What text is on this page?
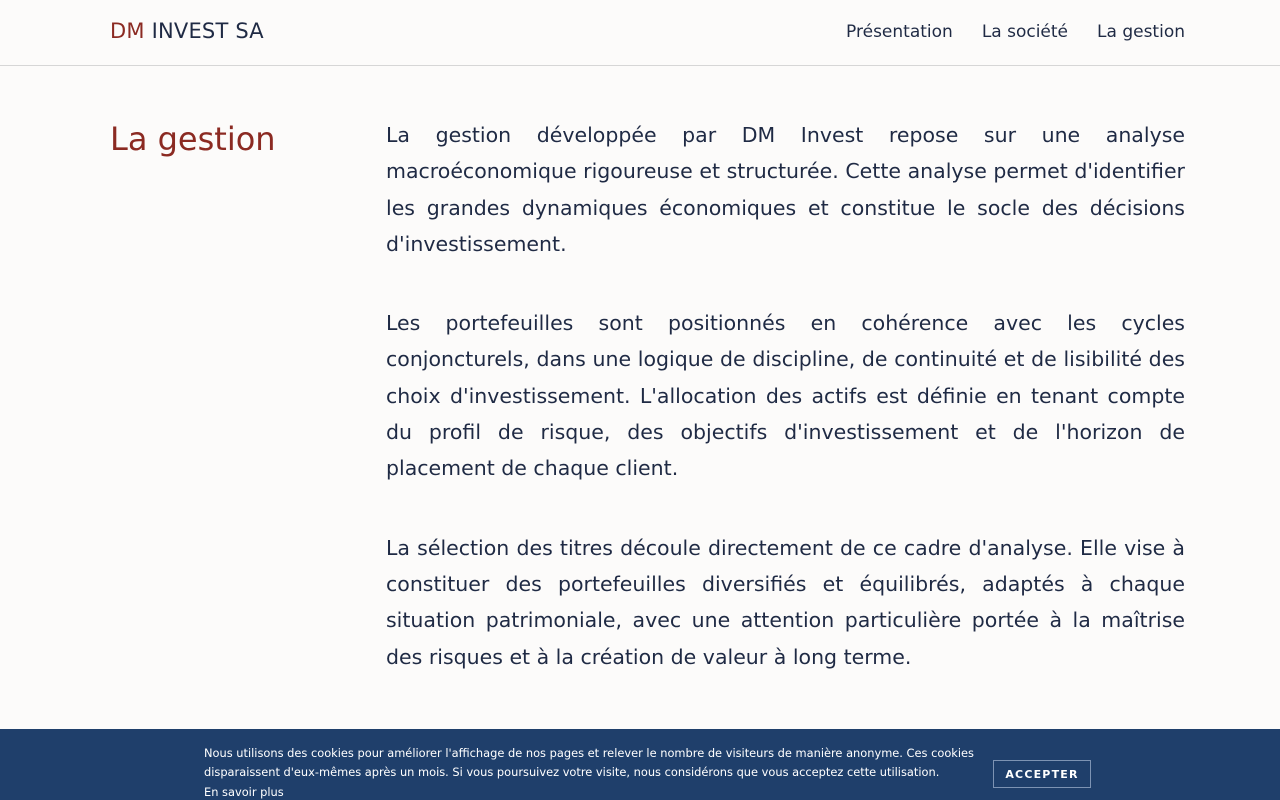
DM INVEST SA	Présentation La société La gestion
La gestion	La gestion développée par DM Invest repose sur une analyse macroéconomique rigoureuse et structurée. Cette analyse permet d'identifier les grandes dynamiques économiques et constitue le socle des décisions d'investissement.

Les portefeuilles sont positionnés en cohérence avec les cycles conjoncturels, dans une logique de discipline, de continuité et de lisibilité des choix d'investissement. L'allocation des actifs est définie en tenant compte du profil de risque, des objectifs d'investissement et de l'horizon de placement de chaque client.

La sélection des titres découle directement de ce cadre d'analyse. Elle vise à constituer des portefeuilles diversifiés et équilibrés, adaptés à chaque situation patrimoniale, avec une attention particulière portée à la maîtrise des risques et à la création de valeur à long terme.

Nous utilisons des cookies pour améliorer l'affichage de nos pages et relever le nombre de visiteurs de manière anonyme. Ces cookies disparaissent d'eux-mêmes après un mois. Si vous poursuivez votre visite, nous considérons que vous acceptez cette utilisation.
En savoir plus
ACCEPTER
